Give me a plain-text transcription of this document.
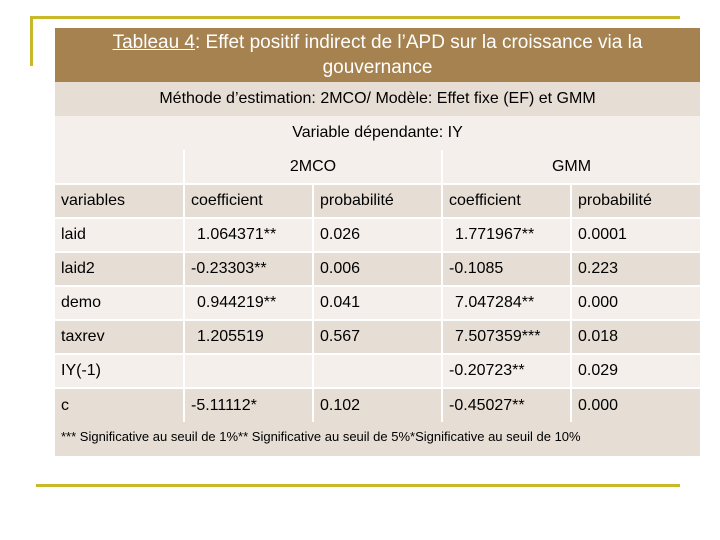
Tableau 4: Effet positif indirect de l’APD sur la croissance via la
gouvernance
Méthode d’estimation: 2MCO/ Modèle: Effet fixe (EF) et GMM
Variable dépendante: IY
	2MCO		GMM	
variables	coefficient	probabilité	coefficient	probabilité
laid	1.064371**	0.026	1.771967**	0.0001
laid2	-0.23303**	0.006	-0.1085	0.223
demo	0.944219**	0.041	7.047284**	0.000
taxrev	1.205519	0.567	7.507359***	0.018
IY(-1)			-0.20723**	0.029
c	-5.11112*	0.102	-0.45027**	0.000
*** Significative au seuil de 1%** Significative au seuil de 5%*Significative au seuil de 10%
